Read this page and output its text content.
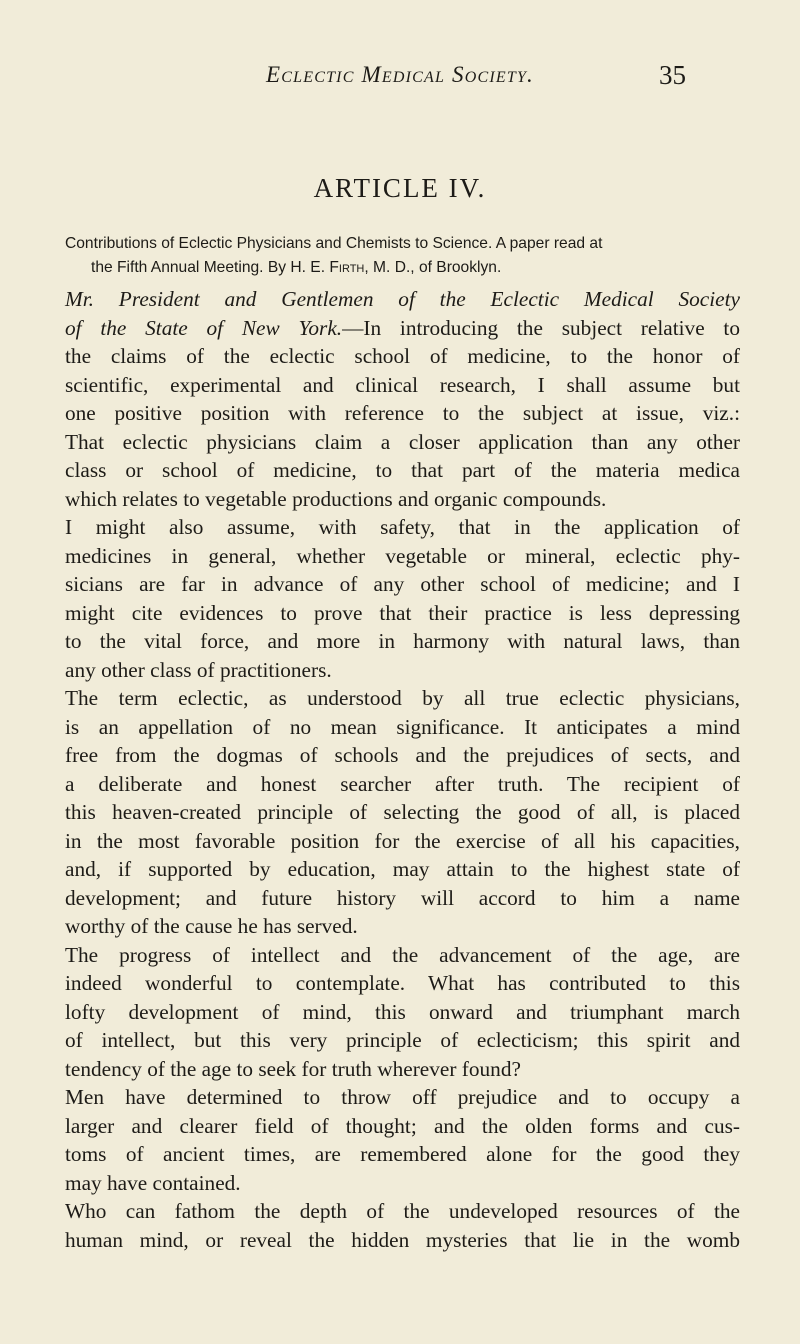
Eclectic Medical Society.	35
ARTICLE IV.
Contributions of Eclectic Physicians and Chemists to Science. A paper read at
the Fifth Annual Meeting. By H. E. Firth, M. D., of Brooklyn.
Mr. President and Gentlemen of the Eclectic Medical Society
of the State of New York.—In introducing the subject relative to
the claims of the eclectic school of medicine, to the honor of
scientific, experimental and clinical research, I shall assume but
one positive position with reference to the subject at issue, viz.:
That eclectic physicians claim a closer application than any other
class or school of medicine, to that part of the materia medica
which relates to vegetable productions and organic compounds.
I might also assume, with safety, that in the application of
medicines in general, whether vegetable or mineral, eclectic phy-
sicians are far in advance of any other school of medicine; and I
might cite evidences to prove that their practice is less depressing
to the vital force, and more in harmony with natural laws, than
any other class of practitioners.
The term eclectic, as understood by all true eclectic physicians,
is an appellation of no mean significance. It anticipates a mind
free from the dogmas of schools and the prejudices of sects, and
a deliberate and honest searcher after truth. The recipient of
this heaven-created principle of selecting the good of all, is placed
in the most favorable position for the exercise of all his capacities,
and, if supported by education, may attain to the highest state of
development; and future history will accord to him a name
worthy of the cause he has served.
The progress of intellect and the advancement of the age, are
indeed wonderful to contemplate. What has contributed to this
lofty development of mind, this onward and triumphant march
of intellect, but this very principle of eclecticism; this spirit and
tendency of the age to seek for truth wherever found?
Men have determined to throw off prejudice and to occupy a
larger and clearer field of thought; and the olden forms and cus-
toms of ancient times, are remembered alone for the good they
may have contained.
Who can fathom the depth of the undeveloped resources of the
human mind, or reveal the hidden mysteries that lie in the womb
